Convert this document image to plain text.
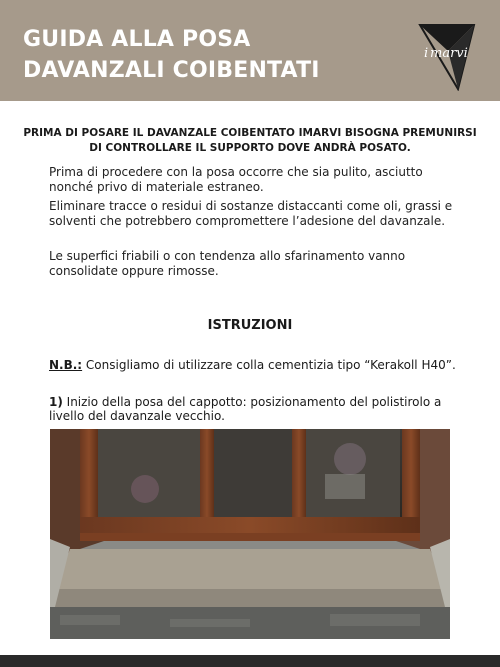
GUIDA ALLA POSA
DAVANZALI COIBENTATI
i marvi
PRIMA DI POSARE IL DAVANZALE COIBENTATO IMARVI BISOGNA PREMUNIRSI
DI CONTROLLARE IL SUPPORTO DOVE ANDRÀ POSATO.
Prima di procedere con la posa occorre che sia pulito, asciutto nonché privo di materiale estraneo.
Eliminare tracce o residui di sostanze distaccanti come oli, grassi e solventi che potrebbero compromettere l’adesione del davanzale.
Le superfici friabili o con tendenza allo sfarinamento vanno consolidate oppure rimosse.
ISTRUZIONI
N.B.: Consigliamo di utilizzare colla cementizia tipo “Kerakoll H40”.
1) Inizio della posa del cappotto: posizionamento del polistirolo a livello del davanzale vecchio.
